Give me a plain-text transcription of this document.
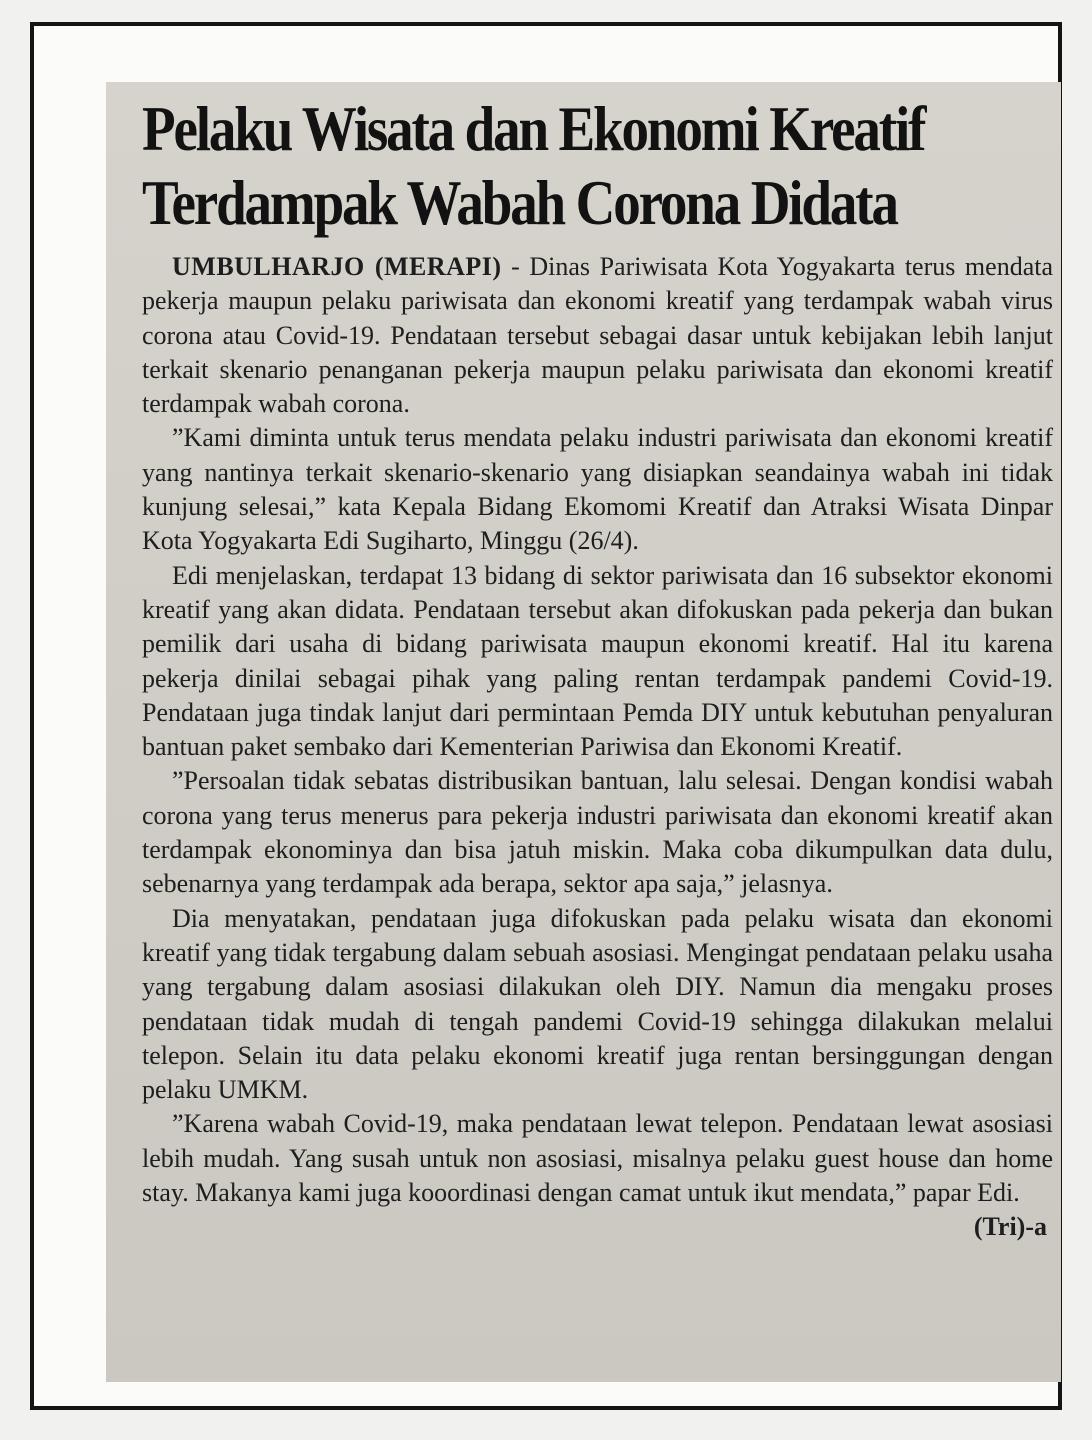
Pelaku Wisata dan Ekonomi Kreatif
Terdampak Wabah Corona Didata

UMBULHARJO (MERAPI) - Dinas Pariwisata Kota Yogyakarta terus mendata pekerja maupun pelaku pariwisata dan ekonomi kreatif yang terdampak wabah virus corona atau Covid-19. Pendataan tersebut sebagai dasar untuk kebijakan lebih lanjut terkait skenario penanganan pekerja maupun pelaku pariwisata dan ekonomi kreatif terdampak wabah corona.

”Kami diminta untuk terus mendata pelaku industri pariwisata dan ekonomi kreatif yang nantinya terkait skenario-skenario yang disiapkan seandainya wabah ini tidak kunjung selesai,” kata Kepala Bidang Ekomomi Kreatif dan Atraksi Wisata Dinpar Kota Yogyakarta Edi Sugiharto, Minggu (26/4).

Edi menjelaskan, terdapat 13 bidang di sektor pariwisata dan 16 subsektor ekonomi kreatif yang akan didata. Pendataan tersebut akan difokuskan pada pekerja dan bukan pemilik dari usaha di bidang pariwisata maupun ekonomi kreatif. Hal itu karena pekerja dinilai sebagai pihak yang paling rentan terdampak pandemi Covid-19. Pendataan juga tindak lanjut dari permintaan Pemda DIY untuk kebutuhan penyaluran bantuan paket sembako dari Kementerian Pariwisa dan Ekonomi Kreatif.

”Persoalan tidak sebatas distribusikan bantuan, lalu selesai. Dengan kondisi wabah corona yang terus menerus para pekerja industri pariwisata dan ekonomi kreatif akan terdampak ekonominya dan bisa jatuh miskin. Maka coba dikumpulkan data dulu, sebenarnya yang terdampak ada berapa, sektor apa saja,” jelasnya.

Dia menyatakan, pendataan juga difokuskan pada pelaku wisata dan ekonomi kreatif yang tidak tergabung dalam sebuah asosiasi. Mengingat pendataan pelaku usaha yang tergabung dalam asosiasi dilakukan oleh DIY. Namun dia mengaku proses pendataan tidak mudah di tengah pandemi Covid-19 sehingga dilakukan melalui telepon. Selain itu data pelaku ekonomi kreatif juga rentan bersinggungan dengan pelaku UMKM.

”Karena wabah Covid-19, maka pendataan lewat telepon. Pendataan lewat asosiasi lebih mudah. Yang susah untuk non asosiasi, misalnya pelaku guest house dan home stay. Makanya kami juga kooordinasi dengan camat untuk ikut mendata,” papar Edi.
(Tri)-a
